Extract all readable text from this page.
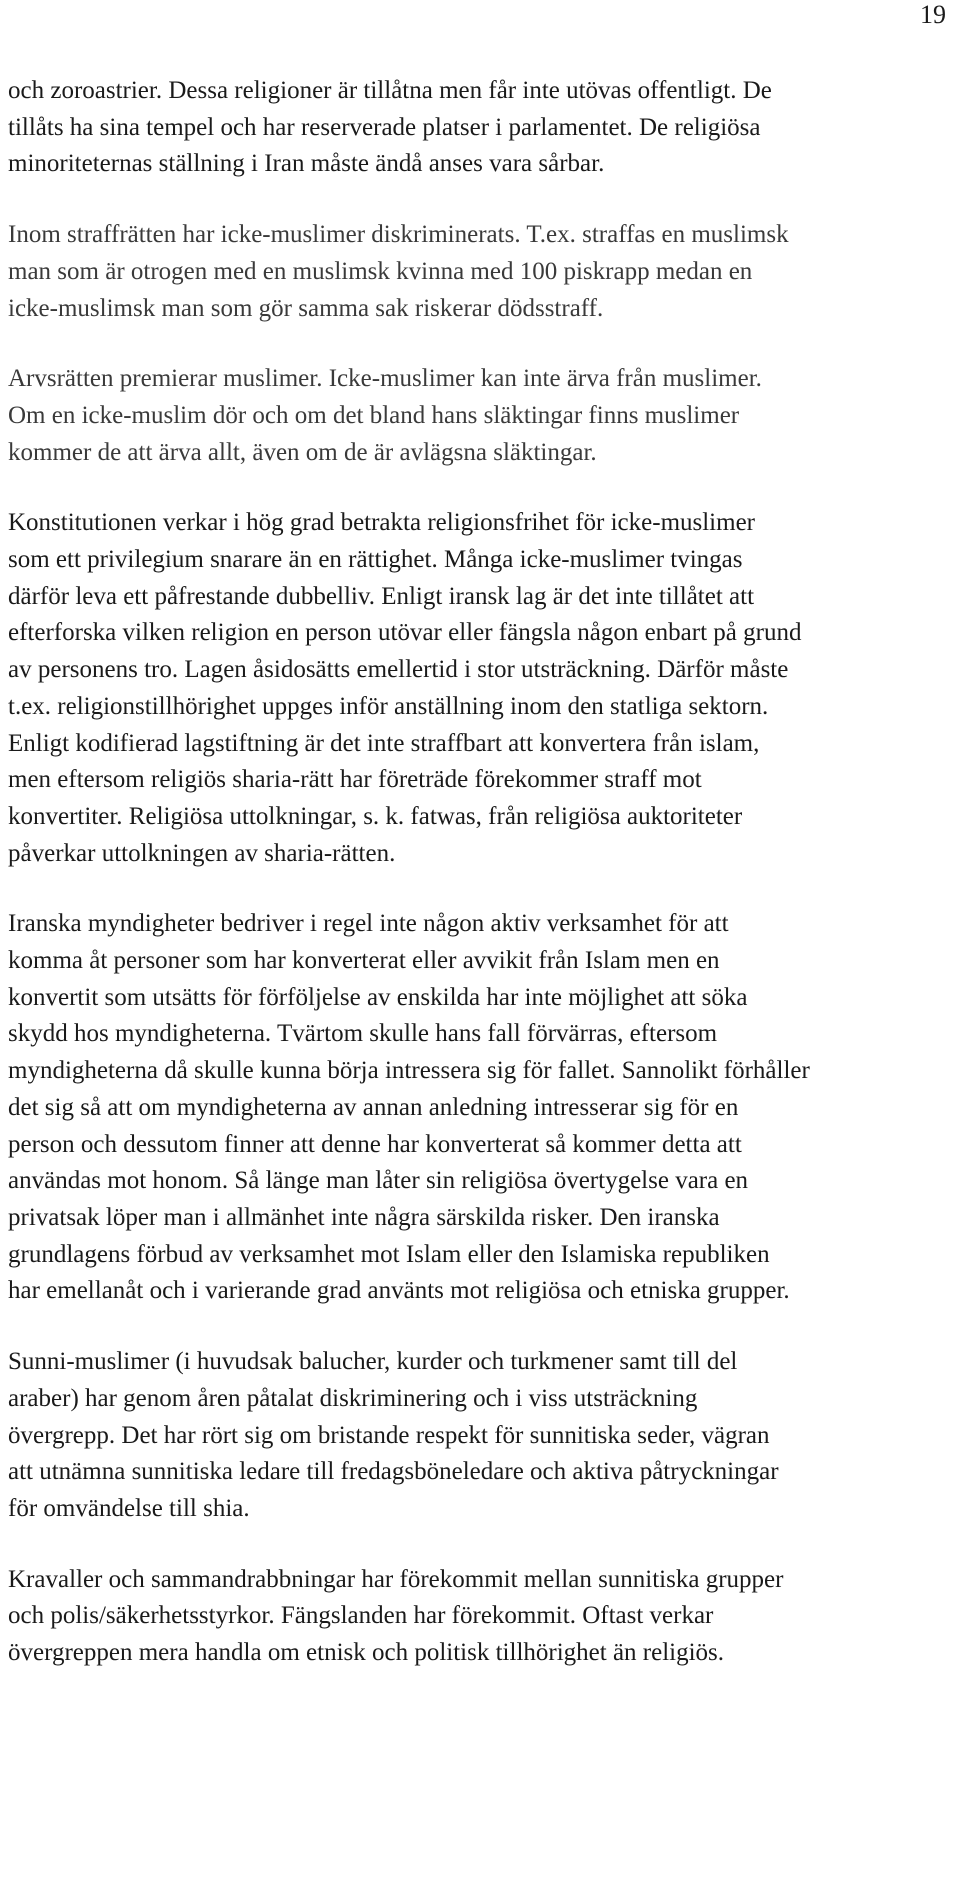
19

och zoroastrier. Dessa religioner är tillåtna men får inte utövas offentligt. De
tillåts ha sina tempel och har reserverade platser i parlamentet. De religiösa
minoriteternas ställning i Iran måste ändå anses vara sårbar.

Inom straffrätten har icke-muslimer diskriminerats. T.ex. straffas en muslimsk
man som är otrogen med en muslimsk kvinna med 100 piskrapp medan en
icke-muslimsk man som gör samma sak riskerar dödsstraff.

Arvsrätten premierar muslimer. Icke-muslimer kan inte ärva från muslimer.
Om en icke-muslim dör och om det bland hans släktingar finns muslimer
kommer de att ärva allt, även om de är avlägsna släktingar.

Konstitutionen verkar i hög grad betrakta religionsfrihet för icke-muslimer
som ett privilegium snarare än en rättighet. Många icke-muslimer tvingas
därför leva ett påfrestande dubbelliv. Enligt iransk lag är det inte tillåtet att
efterforska vilken religion en person utövar eller fängsla någon enbart på grund
av personens tro. Lagen åsidosätts emellertid i stor utsträckning. Därför måste
t.ex. religionstillhörighet uppges inför anställning inom den statliga sektorn.
Enligt kodifierad lagstiftning är det inte straffbart att konvertera från islam,
men eftersom religiös sharia-rätt har företräde förekommer straff mot
konvertiter. Religiösa uttolkningar, s. k. fatwas, från religiösa auktoriteter
påverkar uttolkningen av sharia-rätten.

Iranska myndigheter bedriver i regel inte någon aktiv verksamhet för att
komma åt personer som har konverterat eller avvikit från Islam men en
konvertit som utsätts för förföljelse av enskilda har inte möjlighet att söka
skydd hos myndigheterna. Tvärtom skulle hans fall förvärras, eftersom
myndigheterna då skulle kunna börja intressera sig för fallet. Sannolikt förhåller
det sig så att om myndigheterna av annan anledning intresserar sig för en
person och dessutom finner att denne har konverterat så kommer detta att
användas mot honom. Så länge man låter sin religiösa övertygelse vara en
privatsak löper man i allmänhet inte några särskilda risker. Den iranska
grundlagens förbud av verksamhet mot Islam eller den Islamiska republiken
har emellanåt och i varierande grad använts mot religiösa och etniska grupper.

Sunni-muslimer (i huvudsak balucher, kurder och turkmener samt till del
araber) har genom åren påtalat diskriminering och i viss utsträckning
övergrepp. Det har rört sig om bristande respekt för sunnitiska seder, vägran
att utnämna sunnitiska ledare till fredagsböneledare och aktiva påtryckningar
för omvändelse till shia.

Kravaller och sammandrabbningar har förekommit mellan sunnitiska grupper
och polis/säkerhetsstyrkor. Fängslanden har förekommit. Oftast verkar
övergreppen mera handla om etnisk och politisk tillhörighet än religiös.
